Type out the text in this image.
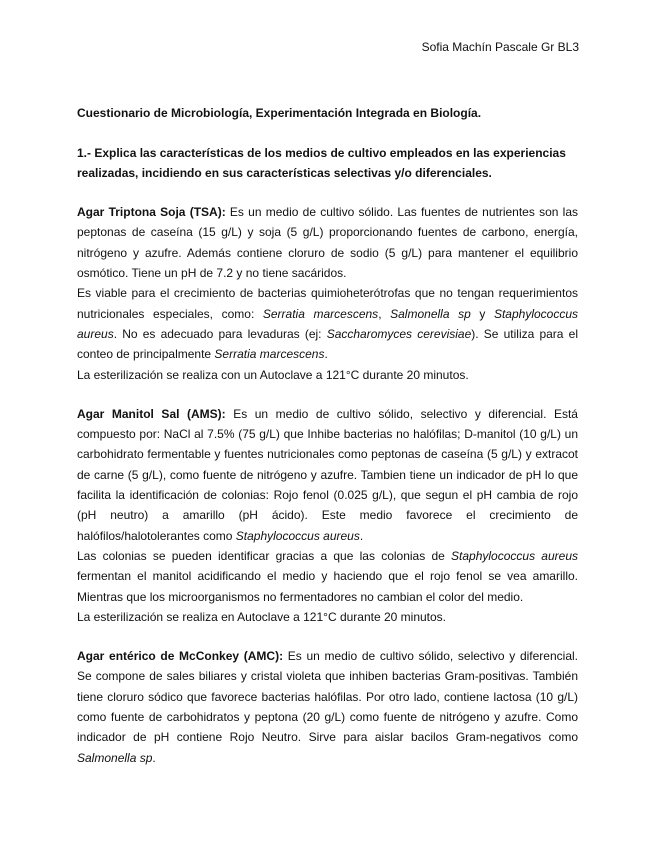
Sofia Machín Pascale Gr BL3
Cuestionario de Microbiología, Experimentación Integrada en Biología.
1.- Explica las características de los medios de cultivo empleados en las experiencias realizadas, incidiendo en sus características selectivas y/o diferenciales.

Agar Triptona Soja (TSA): Es un medio de cultivo sólido. Las fuentes de nutrientes son las peptonas de caseína (15 g/L) y soja (5 g/L) proporcionando fuentes de carbono, energía, nitrógeno y azufre. Además contiene cloruro de sodio (5 g/L) para mantener el equilibrio osmótico. Tiene un pH de 7.2 y no tiene sacáridos.

Es viable para el crecimiento de bacterias quimioheterótrofas que no tengan requerimientos nutricionales especiales, como: Serratia marcescens, Salmonella sp y Staphylococcus aureus. No es adecuado para levaduras (ej: Saccharomyces cerevisiae). Se utiliza para el conteo de principalmente Serratia marcescens.

La esterilización se realiza con un Autoclave a 121°C durante 20 minutos.

Agar Manitol Sal (AMS): Es un medio de cultivo sólido, selectivo y diferencial. Está compuesto por: NaCl al 7.5% (75 g/L) que Inhibe bacterias no halófilas; D-manitol (10 g/L) un carbohidrato fermentable y fuentes nutricionales como peptonas de caseína (5 g/L) y extracot de carne (5 g/L), como fuente de nitrógeno y azufre. Tambien tiene un indicador de pH lo que facilita la identificación de colonias: Rojo fenol (0.025 g/L), que segun el pH cambia de rojo (pH neutro) a amarillo (pH ácido). Este medio favorece el crecimiento de halófilos/halotolerantes como Staphylococcus aureus.

Las colonias se pueden identificar gracias a que las colonias de Staphylococcus aureus fermentan el manitol acidificando el medio y haciendo que el rojo fenol se vea amarillo. Mientras que los microorganismos no fermentadores no cambian el color del medio.

La esterilización se realiza en Autoclave a 121°C durante 20 minutos.

Agar entérico de McConkey (AMC): Es un medio de cultivo sólido, selectivo y diferencial. Se compone de sales biliares y cristal violeta que inhiben bacterias Gram-positivas. También tiene cloruro sódico que favorece bacterias halófilas. Por otro lado, contiene lactosa (10 g/L) como fuente de carbohidratos y peptona (20 g/L) como fuente de nitrógeno y azufre. Como indicador de pH contiene Rojo Neutro. Sirve para aislar bacilos Gram-negativos como Salmonella sp.
